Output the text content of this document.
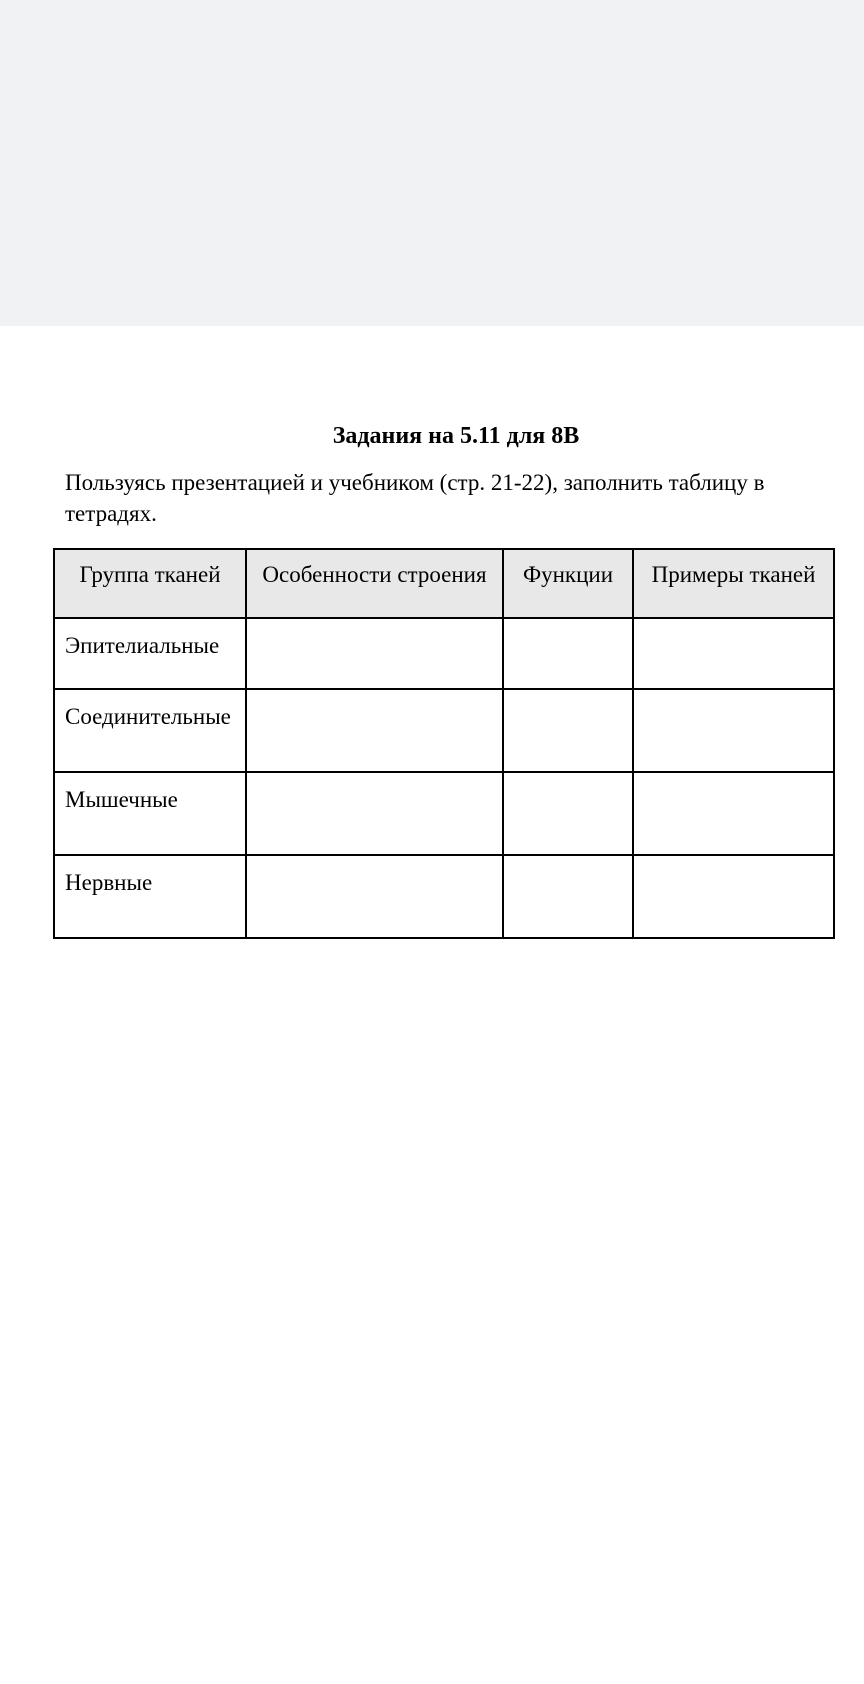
Задания на 5.11 для 8В

Пользуясь презентацией и учебником (стр. 21-22), заполнить таблицу в тетрадях.

Группа тканей	Особенности строения	Функции	Примеры тканей

Эпителиальные			

Соединительные			

Мышечные			

Нервные			
